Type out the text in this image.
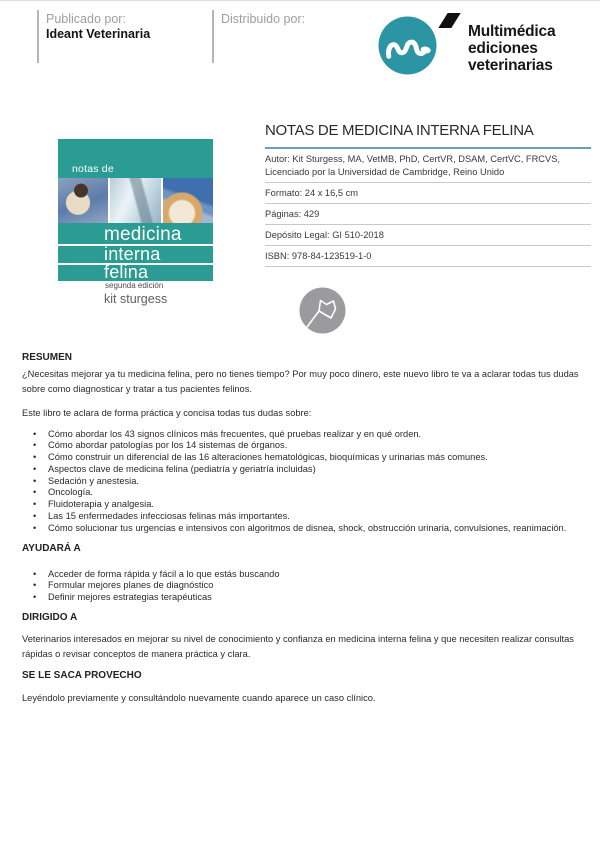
Publicado por:
Ideant Veterinaria
Distribuido por:
Multimédica
ediciones
veterinarias
notas de
medicina
interna
felina
segunda edición
kit sturgess
NOTAS DE MEDICINA INTERNA FELINA
Autor: Kit Sturgess, MA, VetMB, PhD, CertVR, DSAM, CertVC, FRCVS, Licenciado por la Universidad de Cambridge, Reino Unido
Formato: 24 x 16,5 cm
Páginas: 429
Depósito Legal: GI 510-2018
ISBN: 978-84-123519-1-0
RESUMEN

¿Necesitas mejorar ya tu medicina felina, pero no tienes tiempo? Por muy poco dinero, este nuevo libro te va a aclarar todas tus dudas sobre como diagnosticar y tratar a tus pacientes felinos.

Este libro te aclara de forma práctica y concisa todas tus dudas sobre:

• Cómo abordar los 43 signos clínicos más frecuentes, qué pruebas realizar y en qué orden.
• Cómo abordar patologías por los 14 sistemas de órganos.
• Cómo construir un diferencial de las 16 alteraciones hematológicas, bioquímicas y urinarias más comunes.
• Aspectos clave de medicina felina (pediatría y geriatría incluidas)
• Sedación y anestesia.
• Oncología.
• Fluidoterapia y analgesia.
• Las 15 enfermedades infecciosas felinas más importantes.
• Cómo solucionar tus urgencias e intensivos con algoritmos de disnea, shock, obstrucción urinaria, convulsiones, reanimación.
AYUDARÁ A
• Acceder de forma rápida y fácil a lo que estás buscando
• Formular mejores planes de diagnóstico
• Definir mejores estrategias terapéuticas
DIRIGIDO A

Veterinarios interesados en mejorar su nivel de conocimiento y confianza en medicina interna felina y que necesiten realizar consultas rápidas o revisar conceptos de manera práctica y clara.

SE LE SACA PROVECHO

Leyéndolo previamente y consultándolo nuevamente cuando aparece un caso clínico.
